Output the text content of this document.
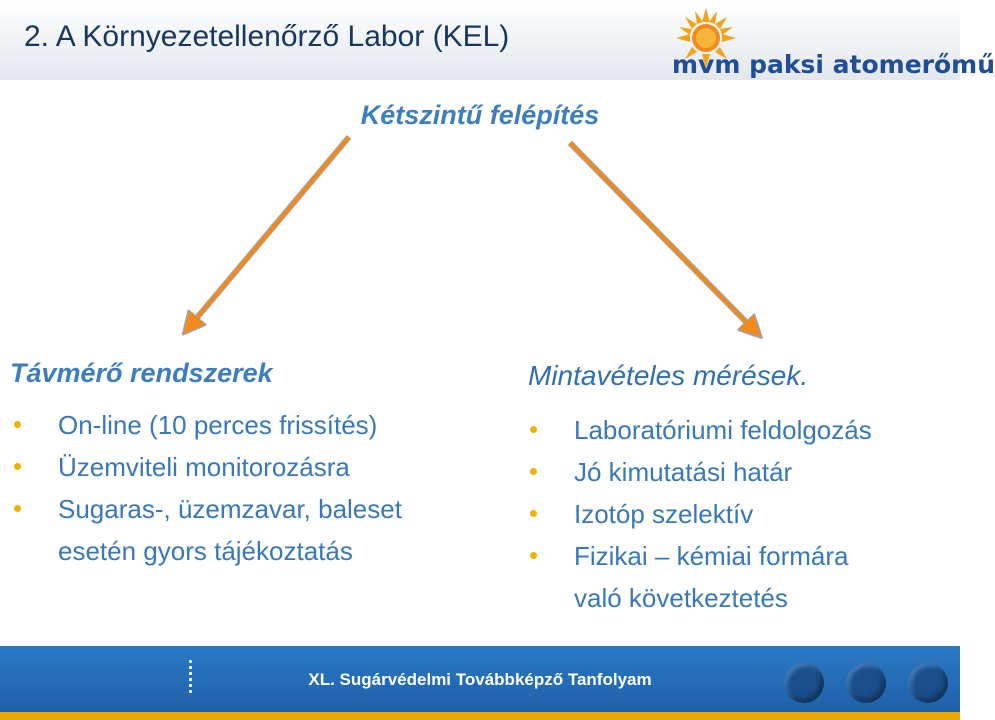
2. A Környezetellenőrző Labor (KEL)
mvm paksi atomerőmű
Kétszintű felépítés
Távmérő rendszerek
On-line (10 perces frissítés)
Üzemviteli monitorozásra
Sugaras-, üzemzavar, baleset
esetén gyors tájékoztatás
Mintavételes mérések.
Laboratóriumi feldolgozás
Jó kimutatási határ
Izotóp szelektív
Fizikai – kémiai formára
való következtetés
XL. Sugárvédelmi Továbbképző Tanfolyam
